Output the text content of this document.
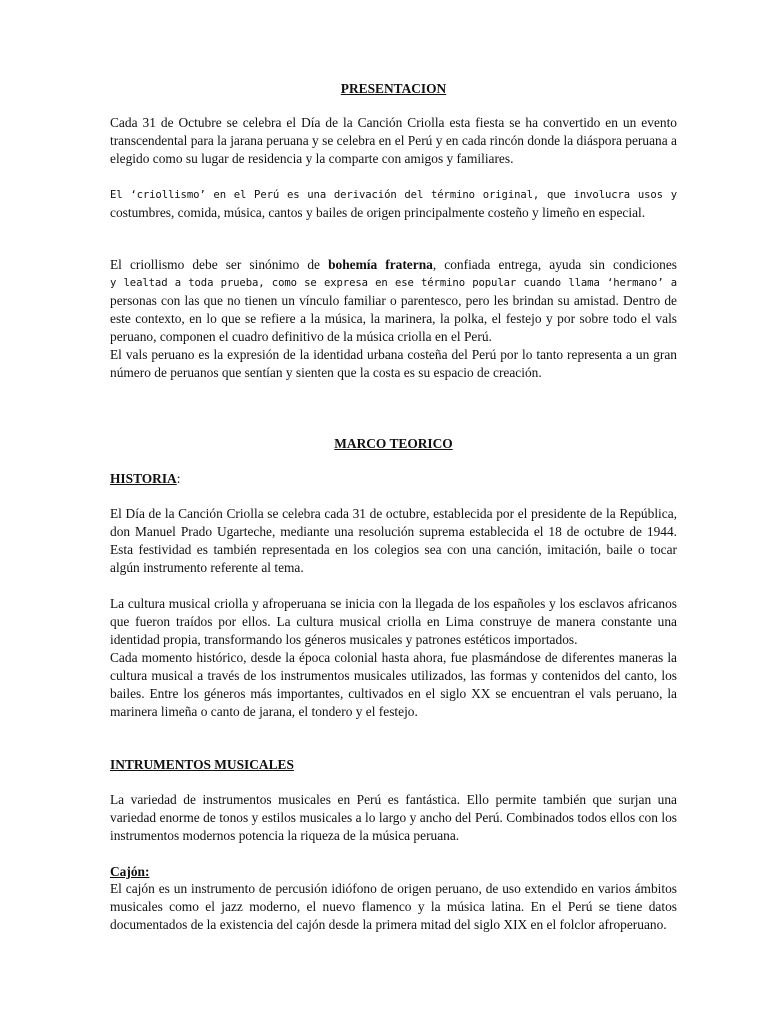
PRESENTACION

Cada 31 de Octubre se celebra el Día de la Canción Criolla esta fiesta se ha convertido en un evento transcendental para la jarana peruana y se celebra en el Perú y en cada rincón donde la diáspora peruana a elegido como su lugar de residencia y la comparte con amigos y familiares.

El ‘criollismo’ en el Perú es una derivación del término original, que involucra usos y

costumbres, comida, música, cantos y bailes de origen principalmente costeño y limeño en especial.

El criollismo debe ser sinónimo de bohemía fraterna, confiada entrega, ayuda sin condiciones

y lealtad a toda prueba, como se expresa en ese término popular cuando llama ‘hermano’ a

personas con las que no tienen un vínculo familiar o parentesco, pero les brindan su amistad. Dentro de este contexto, en lo que se refiere a la música, la marinera, la polka, el festejo y por sobre todo el vals peruano, componen el cuadro definitivo de la música criolla en el Perú.

El vals peruano es la expresión de la identidad urbana costeña del Perú por lo tanto representa a un gran número de peruanos que sentían y sienten que la costa es su espacio de creación.

MARCO TEORICO

HISTORIA:

El Día de la Canción Criolla se celebra cada 31 de octubre, establecida por el presidente de la República, don Manuel Prado Ugarteche, mediante una resolución suprema establecida el 18 de octubre de 1944. Esta festividad es también representada en los colegios sea con una canción, imitación, baile o tocar algún instrumento referente al tema.

La cultura musical criolla y afroperuana se inicia con la llegada de los españoles y los esclavos africanos que fueron traídos por ellos. La cultura musical criolla en Lima construye de manera constante una identidad propia, transformando los géneros musicales y patrones estéticos importados.

Cada momento histórico, desde la época colonial hasta ahora, fue plasmándose de diferentes maneras la cultura musical a través de los instrumentos musicales utilizados, las formas y contenidos del canto, los bailes. Entre los géneros más importantes, cultivados en el siglo XX se encuentran el vals peruano, la marinera limeña o canto de jarana, el tondero y el festejo.

INTRUMENTOS MUSICALES

La variedad de instrumentos musicales en Perú es fantástica. Ello permite también que surjan una variedad enorme de tonos y estilos musicales a lo largo y ancho del Perú. Combinados todos ellos con los instrumentos modernos potencia la riqueza de la música peruana.

Cajón:

El cajón es un instrumento de percusión idiófono de origen peruano, de uso extendido en varios ámbitos musicales como el jazz moderno, el nuevo flamenco y la música latina. En el Perú se tiene datos documentados de la existencia del cajón desde la primera mitad del siglo XIX en el folclor afroperuano.
